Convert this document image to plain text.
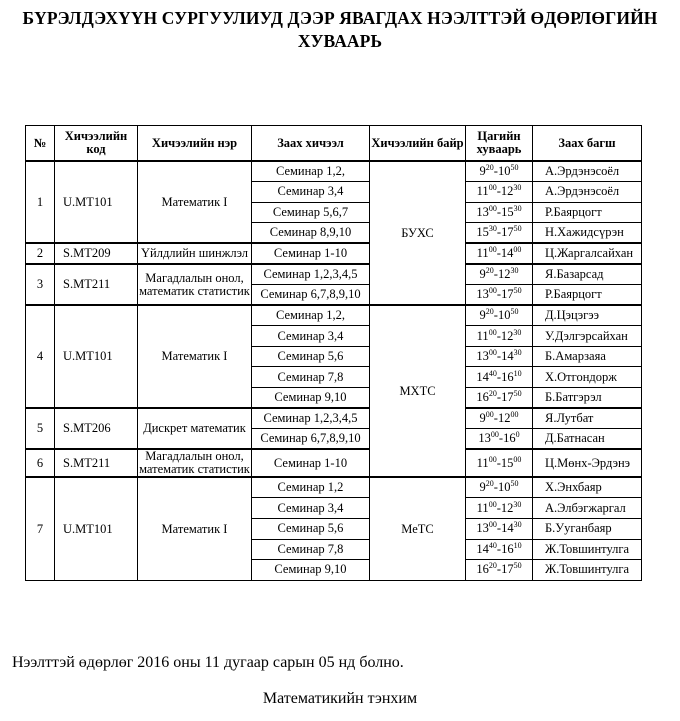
БҮРЭЛДЭХҮҮН СУРГУУЛИУД ДЭЭР ЯВАГДАХ НЭЭЛТТЭЙ ӨДӨРЛӨГИЙН ХУВААРЬ
№	Хичээлийн код	Хичээлийн нэр	Заах хичээл	Хичээлийн байр	Цагийн хуваарь	Заах багш
1	U.MT101	Математик I	Семинар 1,2,	БУХС	$9^{20}-10^{50}$	А.Эрдэнэсоёл
			Семинар 3,4		$11^{00}-12^{30}$	А.Эрдэнэсоёл
			Семинар 5,6,7		$13^{00}-15^{30}$	Р.Баярцогт
			Семинар 8,9,10		$15^{30}-17^{50}$	Н.Хажидсүрэн
2	S.MT209	Үйлдлийн шинжлэл	Семинар 1-10		$11^{00}-14^{00}$	Ц.Жаргалсайхан
3	S.MT211	Магадлалын онол, математик статистик	Семинар 1,2,3,4,5		$9^{20}-12^{30}$	Я.Базарсад
			Семинар 6,7,8,9,10		$13^{00}-17^{50}$	Р.Баярцогт
4	U.MT101	Математик I	Семинар 1,2,	МХТС	$9^{20}-10^{50}$	Д.Цэцэгээ
			Семинар 3,4		$11^{00}-12^{30}$	У.Дэлгэрсайхан
			Семинар 5,6		$13^{00}-14^{30}$	Б.Амарзаяа
			Семинар 7,8		$14^{40}-16^{10}$	Х.Отгондорж
			Семинар 9,10		$16^{20}-17^{50}$	Б.Батгэрэл
5	S.MT206	Дискрет математик	Семинар 1,2,3,4,5		$9^{00}-12^{00}$	Я.Лутбат
			Семинар 6,7,8,9,10		$13^{00}-16^0$	Д.Батнасан
6	S.MT211	Магадлалын онол, математик статистик	Семинар 1-10		$11^{00}-15^{00}$	Ц.Мөнх-Эрдэнэ
7	U.MT101	Математик I	Семинар 1,2	МеТС	$9^{20}-10^{50}$	Х.Энхбаяр
			Семинар 3,4		$11^{00}-12^{30}$	А.Элбэгжаргал
			Семинар 5,6		$13^{00}-14^{30}$	Б.Ууганбаяр
			Семинар 7,8		$14^{40}-16^{10}$	Ж.Товшинтулга
			Семинар 9,10		$16^{20}-17^{50}$	Ж.Товшинтулга
Нээлттэй өдөрлөг 2016 оны 11 дугаар сарын 05 нд болно.
Математикийн тэнхим
